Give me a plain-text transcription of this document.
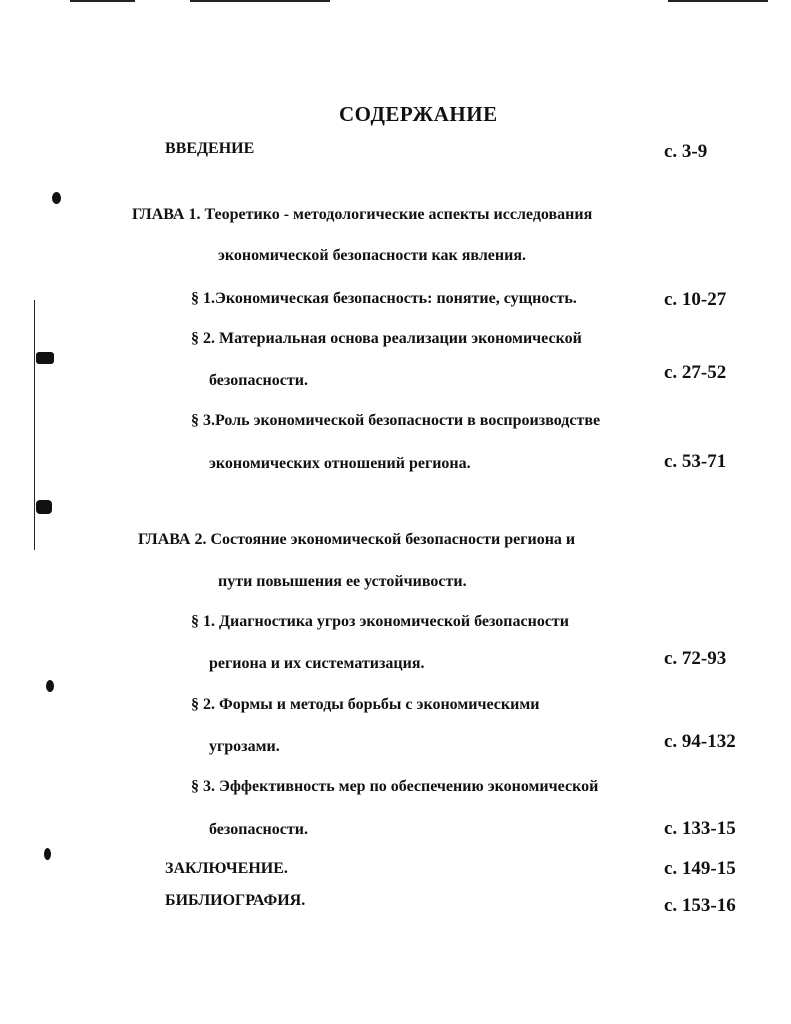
СОДЕРЖАНИЕ
ВВЕДЕНИЕ	с. 3-9
ГЛАВА 1. Теоретико - методологические аспекты исследования
экономической безопасности как явления.
§ 1.Экономическая безопасность: понятие, сущность.	с. 10-27
§ 2. Материальная основа реализации экономической
безопасности.	с. 27-52
§ 3.Роль экономической безопасности в воспроизводстве
экономических отношений региона.	с. 53-71
ГЛАВА 2. Состояние экономической безопасности региона и
пути повышения ее устойчивости.
§ 1. Диагностика угроз экономической безопасности
региона и их систематизация.	с. 72-93
§ 2. Формы и методы борьбы с экономическими
угрозами.	с. 94-132
§ 3. Эффективность мер по обеспечению экономической
безопасности.	с. 133-15
ЗАКЛЮЧЕНИЕ.	с. 149-15
БИБЛИОГРАФИЯ.	с. 153-16
